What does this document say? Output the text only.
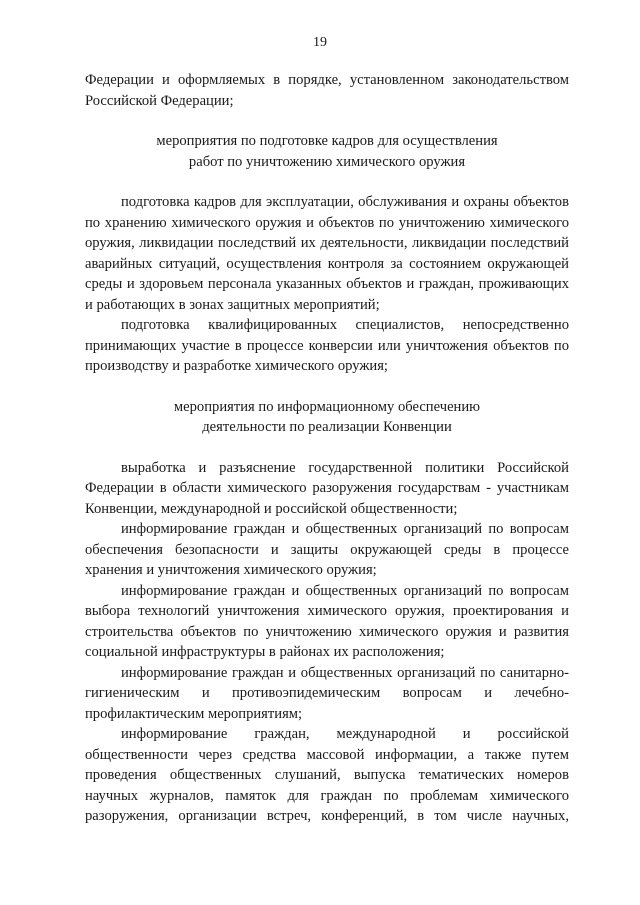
19

Федерации и оформляемых в порядке, установленном законодательством Российской Федерации;

мероприятия по подготовке кадров для осуществления
работ по уничтожению химического оружия

подготовка кадров для эксплуатации, обслуживания и охраны объектов по хранению химического оружия и объектов по уничтожению химического оружия, ликвидации последствий их деятельности, ликвидации последствий аварийных ситуаций, осуществления контроля за состоянием окружающей среды и здоровьем персонала указанных объектов и граждан, проживающих и работающих в зонах защитных мероприятий;

подготовка квалифицированных специалистов, непосредственно принимающих участие в процессе конверсии или уничтожения объектов по производству и разработке химического оружия;

мероприятия по информационному обеспечению
деятельности по реализации Конвенции

выработка и разъяснение государственной политики Российской Федерации в области химического разоружения государствам - участникам Конвенции, международной и российской общественности;

информирование граждан и общественных организаций по вопросам обеспечения безопасности и защиты окружающей среды в процессе хранения и уничтожения химического оружия;

информирование граждан и общественных организаций по вопросам выбора технологий уничтожения химического оружия, проектирования и строительства объектов по уничтожению химического оружия и развития социальной инфраструктуры в районах их расположения;

информирование граждан и общественных организаций по санитарно-гигиеническим и противоэпидемическим вопросам и лечебно-профилактическим мероприятиям;

информирование граждан, международной и российской общественности через средства массовой информации, а также путем проведения общественных слушаний, выпуска тематических номеров научных журналов, памяток для граждан по проблемам химического разоружения, организации встреч, конференций, в том числе научных,
